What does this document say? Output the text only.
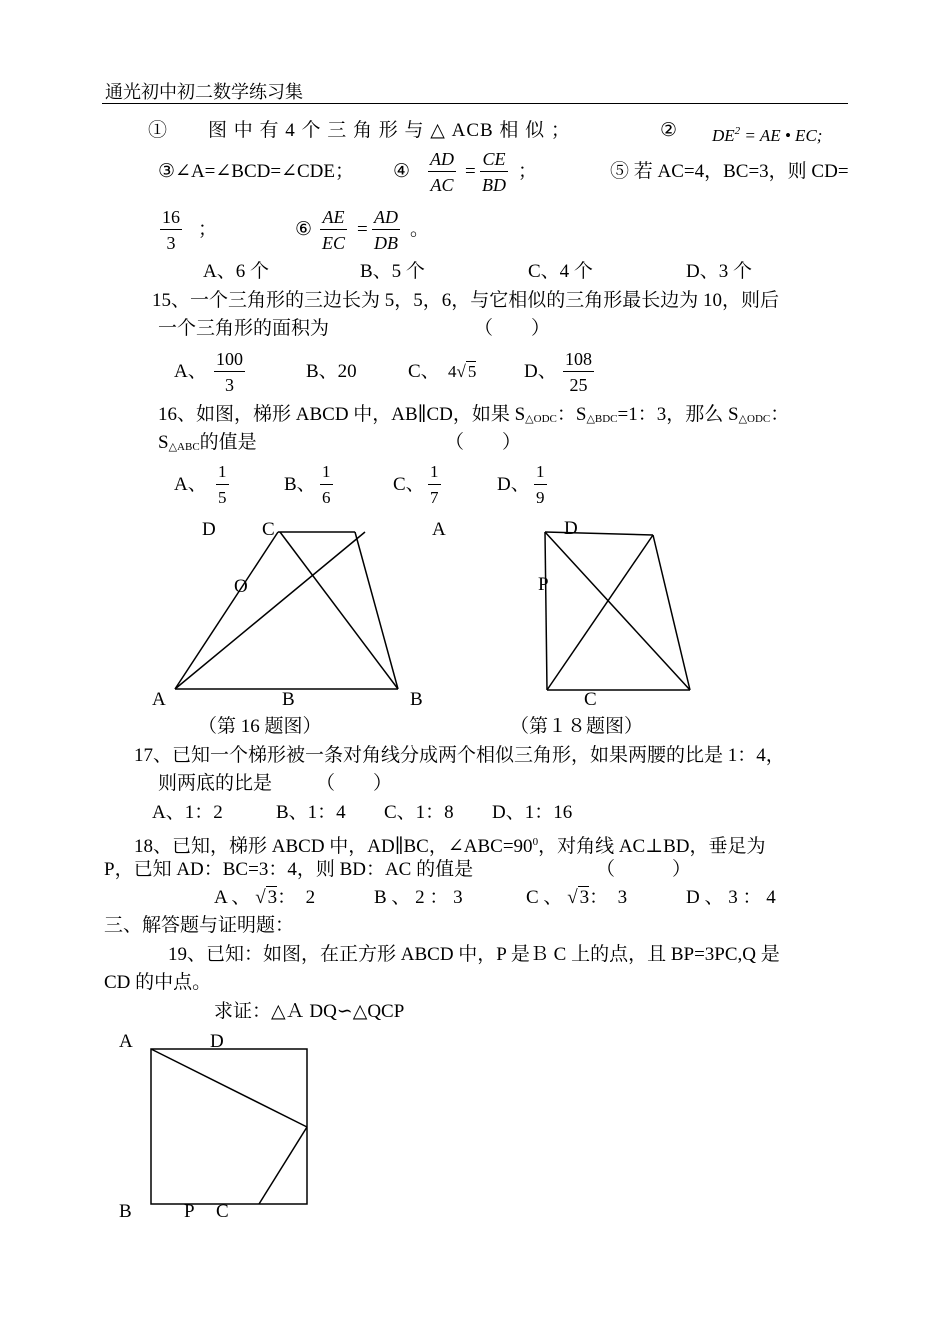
通光初中初二数学练习集
①　　图 中 有 4 个 三 角 形 与 △ ACB 相 似 ；	② $DE^2$ = AE • EC;
③∠A=∠BCD=∠CDE； ④ $\frac{AD}{AC} = \frac{CE}{BD}$ ；	⑤ 若 AC=4，BC=3，则 CD=
$\frac{16}{3}$ ；	⑥ $\frac{AE}{EC} = \frac{AD}{DB}$ 。
A、6 个	B、5 个	C、4 个	D、3 个
15、一个三角形的三边长为 5，5，6，与它相似的三角形最长边为 10，则后
一个三角形的面积为	（　　）
A、 $\frac{100}{3}$	B、20	C、 4√ 5	D、 $\frac{108}{25}$
16、如图，梯形 ABCD 中，AB∥CD，如果 S△ODC：S△BDC=1：3，那么 S△ODC：
S△ABC的值是	（　　）
A、 $\frac{1}{5}$	B、 $\frac{1}{6}$	C、 $\frac{1}{7}$	D、 $\frac{1}{9}$
D C
O
A	B	B
（第 16 题图）
A	D
P
C
（第１８题图）
17、已知一个梯形被一条对角线分成两个相似三角形，如果两腰的比是 1：4，
则两底的比是 （　　）
A、1：2	B、1：4 C、1：8 D、1：16
18、已知，梯形 ABCD 中，AD∥BC，$\angle ABC=90^0$，对角线 AC⊥BD，垂足为
P，已知 AD：BC=3：4，则 BD：AC 的值是	（　　　）
A 、 √ 3：　2	B 、 2 ： 3	C 、 √ 3：　3	D 、 3 ： 4
三、解答题与证明题：
19、已知：如图，在正方形 ABCD 中，P 是Ｂ C 上的点，且 BP=3PC,Q 是
CD 的中点。
求证：△Ａ DQ∽△QCP
A	D
B	P C
